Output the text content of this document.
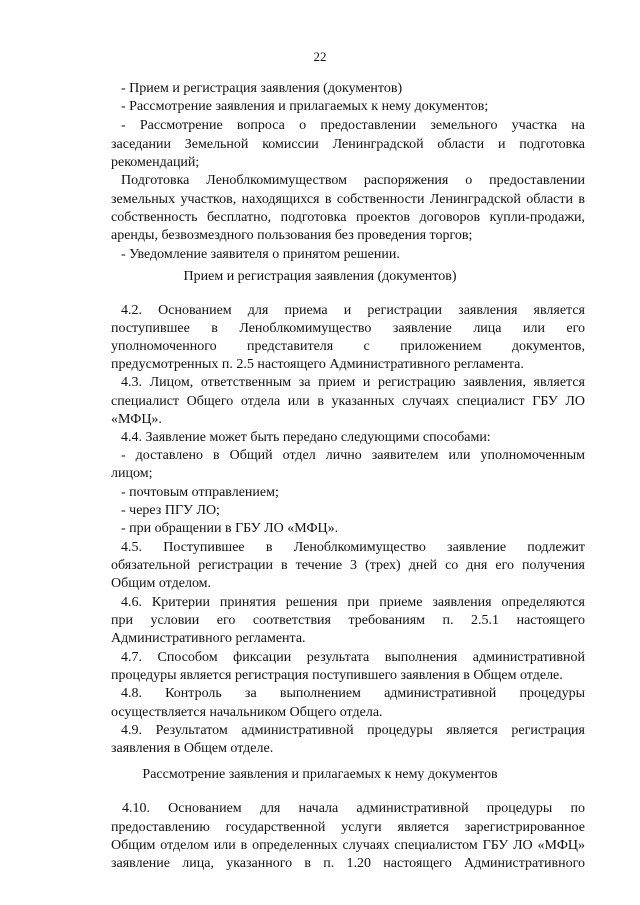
22
- Прием и регистрация заявления (документов)
- Рассмотрение заявления и прилагаемых к нему документов;
- Рассмотрение вопроса о предоставлении земельного участка на
заседании Земельной комиссии Ленинградской области и подготовка
рекомендаций;
Подготовка Леноблкомимуществом распоряжения о предоставлении
земельных участков, находящихся в собственности Ленинградской области в
собственность бесплатно, подготовка проектов договоров купли-продажи,
аренды, безвозмездного пользования без проведения торгов;
- Уведомление заявителя о принятом решении.
Прием и регистрация заявления (документов)
4.2. Основанием для приема и регистрации заявления является
поступившее в Леноблкомимущество заявление лица или его
уполномоченного представителя с приложением документов,
предусмотренных п. 2.5 настоящего Административного регламента.
4.3. Лицом, ответственным за прием и регистрацию заявления, является
специалист Общего отдела или в указанных случаях специалист ГБУ ЛО
«МФЦ».
4.4. Заявление может быть передано следующими способами:
- доставлено в Общий отдел лично заявителем или уполномоченным
лицом;
- почтовым отправлением;
- через ПГУ ЛО;
- при обращении в ГБУ ЛО «МФЦ».
4.5. Поступившее в Леноблкомимущество заявление подлежит
обязательной регистрации в течение 3 (трех) дней со дня его получения
Общим отделом.
4.6. Критерии принятия решения при приеме заявления определяются
при условии его соответствия требованиям п. 2.5.1 настоящего
Административного регламента.
4.7. Способом фиксации результата выполнения административной
процедуры является регистрация поступившего заявления в Общем отделе.
4.8. Контроль за выполнением административной процедуры
осуществляется начальником Общего отдела.
4.9. Результатом административной процедуры является регистрация
заявления в Общем отделе.
Рассмотрение заявления и прилагаемых к нему документов
4.10. Основанием для начала административной процедуры по
предоставлению государственной услуги является зарегистрированное
Общим отделом или в определенных случаях специалистом ГБУ ЛО «МФЦ»
заявление лица, указанного в п. 1.20 настоящего Административного
